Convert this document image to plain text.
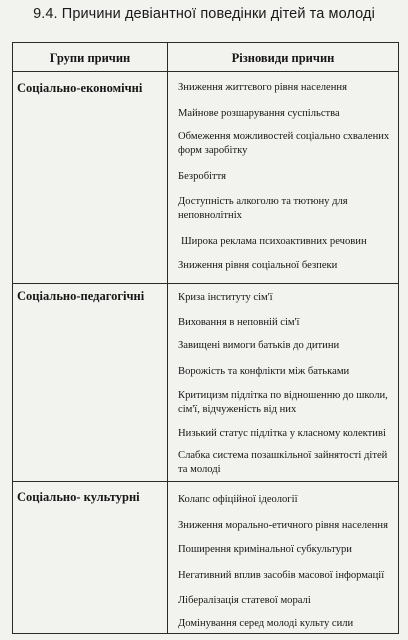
9.4. Причини девіантної поведінки дітей та молоді
Групи причин	Різновиди причин
Соціально-економічні	Зниження життєвого рівня населення
Майнове розшарування суспільства
Обмеження можливостей соціально схвалених форм заробітку
Безробіття
Доступність алкоголю та тютюну для неповнолітніх
Широка реклама психоактивних речовин
Зниження рівня соціальної безпеки
Соціально-педагогічні	Криза інституту сім'ї
Виховання в неповній сім'ї
Завищені вимоги батьків до дитини
Ворожість та конфлікти між батьками
Критицизм підлітка по відношенню до школи, сім'ї, відчуженість від них
Низький статус підлітка у класному колективі
Слабка система позашкільної зайнятості дітей та молоді
Соціально- культурні	Колапс офіційної ідеології
Зниження морально-етичного рівня населення
Поширення кримінальної субкультури
Негативний вплив засобів масової інформації
Лібералізація статевої моралі
Домінування серед молоді культу сили
